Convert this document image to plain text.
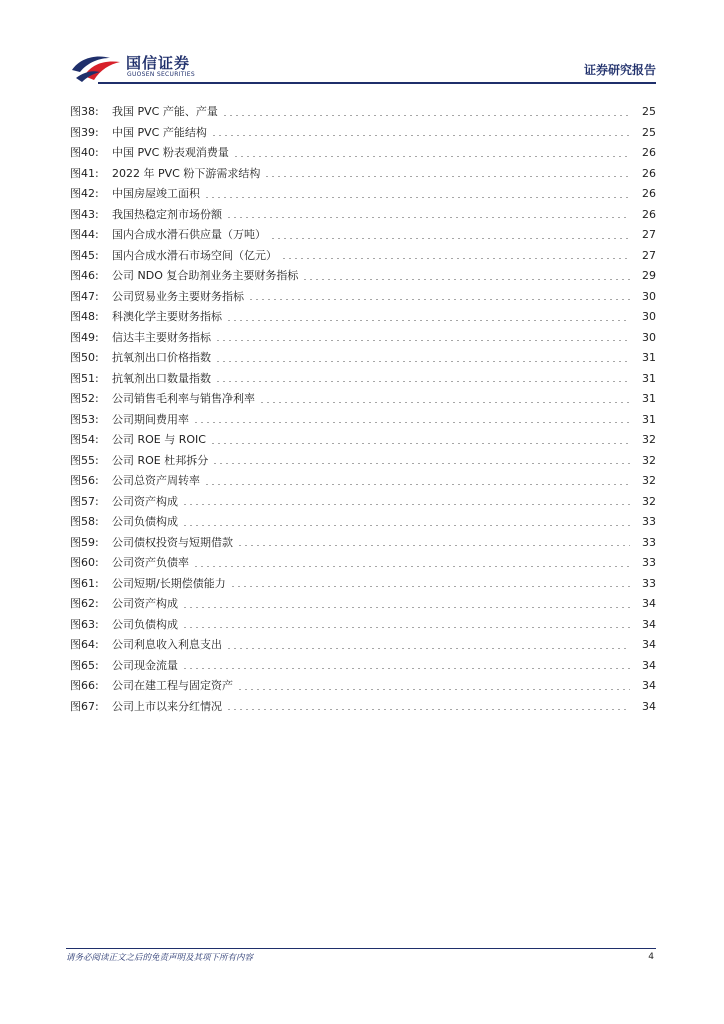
国信证券
GUOSEN SECURITIES	证券研究报告
图38:	我国 PVC 产能、产量	25
图39:	中国 PVC 产能结构	25
图40:	中国 PVC 粉表观消费量	26
图41:	2022 年 PVC 粉下游需求结构	26
图42:	中国房屋竣工面积	26
图43:	我国热稳定剂市场份额	26
图44:	国内合成水滑石供应量（万吨）	27
图45:	国内合成水滑石市场空间（亿元）	27
图46:	公司 NDO 复合助剂业务主要财务指标	29
图47:	公司贸易业务主要财务指标	30
图48:	科澳化学主要财务指标	30
图49:	信达丰主要财务指标	30
图50:	抗氧剂出口价格指数	31
图51:	抗氧剂出口数量指数	31
图52:	公司销售毛利率与销售净利率	31
图53:	公司期间费用率	31
图54:	公司 ROE 与 ROIC	32
图55:	公司 ROE 杜邦拆分	32
图56:	公司总资产周转率	32
图57:	公司资产构成	32
图58:	公司负债构成	33
图59:	公司债权投资与短期借款	33
图60:	公司资产负债率	33
图61:	公司短期/长期偿债能力	33
图62:	公司资产构成	34
图63:	公司负债构成	34
图64:	公司利息收入利息支出	34
图65:	公司现金流量	34
图66:	公司在建工程与固定资产	34
图67:	公司上市以来分红情况	34
请务必阅读正文之后的免责声明及其项下所有内容	4
